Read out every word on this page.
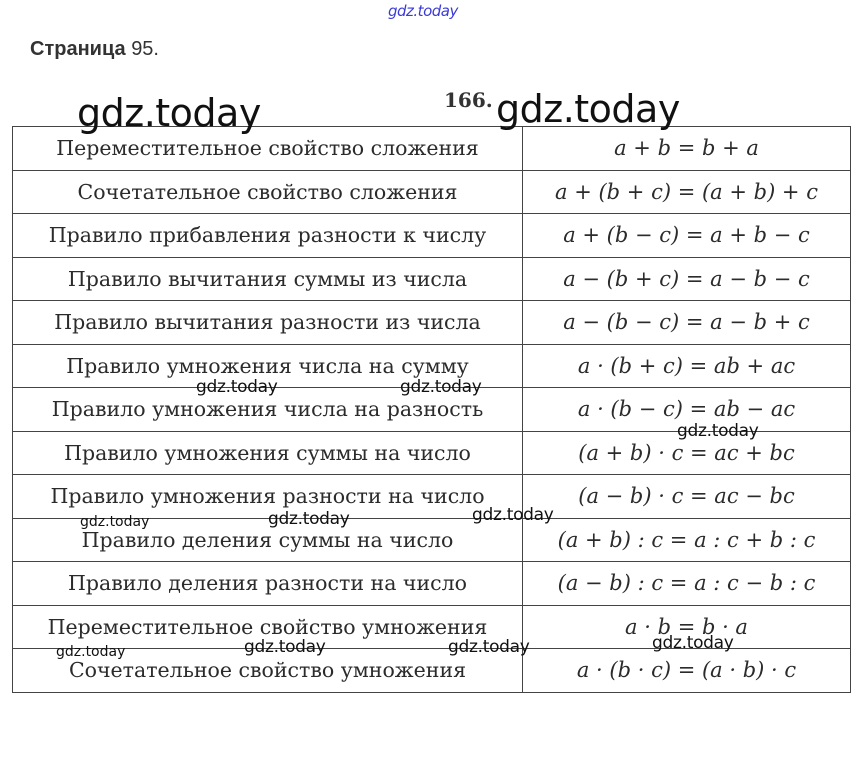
gdz.today
Страница 95.
166.
Переместительное свойство сложения	a + b = b + a
Сочетательное свойство сложения	a + (b + c) = (a + b) + c
Правило прибавления разности к числу	a + (b − c) = a + b − c
Правило вычитания суммы из числа	a − (b + c) = a − b − c
Правило вычитания разности из числа	a − (b − c) = a − b + c
Правило умножения числа на сумму	a · (b + c) = ab + ac
Правило умножения числа на разность	a · (b − c) = ab − ac
Правило умножения суммы на число	(a + b) · c = ac + bc
Правило умножения разности на число	(a − b) · c = ac − bc
Правило деления суммы на число	(a + b) : c = a : c + b : c
Правило деления разности на число	(a − b) : c = a : c − b : c
Переместительное свойство умножения	a · b = b · a
Сочетательное свойство умножения	a · (b · c) = (a · b) · c
gdz.today	gdz.today
gdz.today	gdz.today
gdz.today
gdz.today	gdz.today	gdz.today
gdz.today
gdz.today	gdz.today	gdz.today
